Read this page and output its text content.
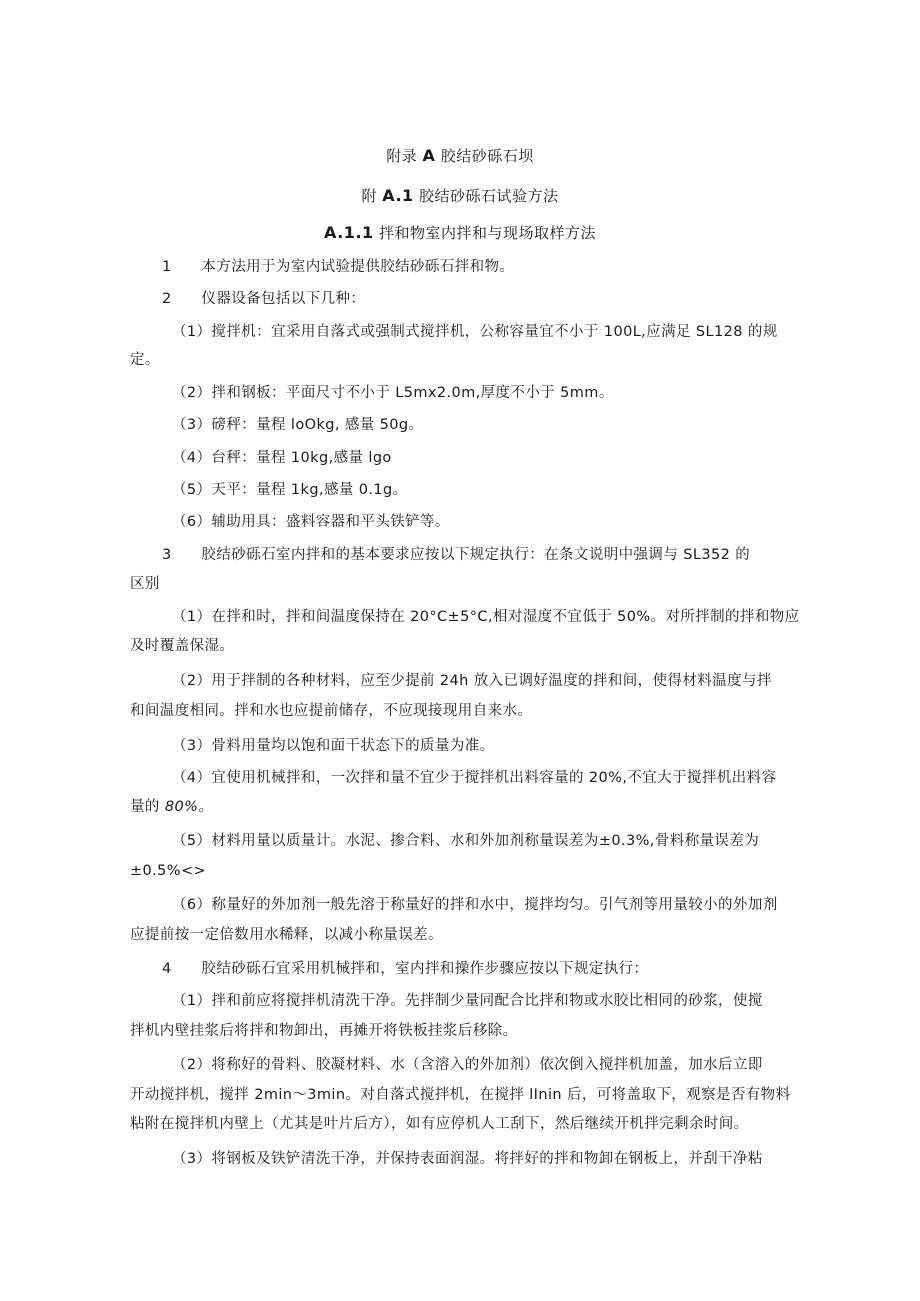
附录 A 胶结砂砾石坝
附 A.1 胶结砂砾石试验方法
A.1.1 拌和物室内拌和与现场取样方法
1　　本方法用于为室内试验提供胶结砂砾石拌和物。
2　　仪器设备包括以下几种：
（1）搅拌机：宜采用自落式或强制式搅拌机，公称容量宜不小于 100L,应满足 SL128 的规
定。
（2）拌和钢板：平面尺寸不小于 L5mx2.0m,厚度不小于 5mm。
（3）磅秤：量程 loOkg, 感量 50g。
（4）台秤：量程 10kg,感量 lgo
（5）天平：量程 1kg,感量 0.1g。
（6）辅助用具：盛料容器和平头铁铲等。
3　　胶结砂砾石室内拌和的基本要求应按以下规定执行：在条文说明中强调与 SL352 的
区别
（1）在拌和时，拌和间温度保持在 20°C±5°C,相对湿度不宜低于 50%。对所拌制的拌和物应
及时覆盖保湿。
（2）用于拌制的各种材料，应至少提前 24h 放入已调好温度的拌和间，使得材料温度与拌
和间温度相同。拌和水也应提前储存，不应现接现用自来水。
（3）骨料用量均以饱和面干状态下的质量为准。
（4）宜使用机械拌和，一次拌和量不宜少于搅拌机出料容量的 20%,不宜大于搅拌机出料容
量的 80%。
（5）材料用量以质量计。水泥、掺合料、水和外加剂称量误差为±0.3%,骨料称量误差为
±0.5%<>
（6）称量好的外加剂一般先溶于称量好的拌和水中，搅拌均匀。引气剂等用量较小的外加剂
应提前按一定倍数用水稀释，以减小称量误差。
4　　胶结砂砾石宜采用机械拌和，室内拌和操作步骤应按以下规定执行：
（1）拌和前应将搅拌机清洗干净。先拌制少量同配合比拌和物或水胶比相同的砂浆，使搅
拌机内壁挂浆后将拌和物卸出，再摊开将铁板挂浆后移除。
（2）将称好的骨料、胶凝材料、水（含溶入的外加剂）依次倒入搅拌机加盖，加水后立即
开动搅拌机，搅拌 2min～3min。对自落式搅拌机，在搅拌 lInin 后，可将盖取下，观察是否有物料
粘附在搅拌机内壁上（尤其是叶片后方），如有应停机人工刮下，然后继续开机拌完剩余时间。
（3）将钢板及铁铲清洗干净，并保持表面润湿。将拌好的拌和物卸在钢板上，并刮干净粘
